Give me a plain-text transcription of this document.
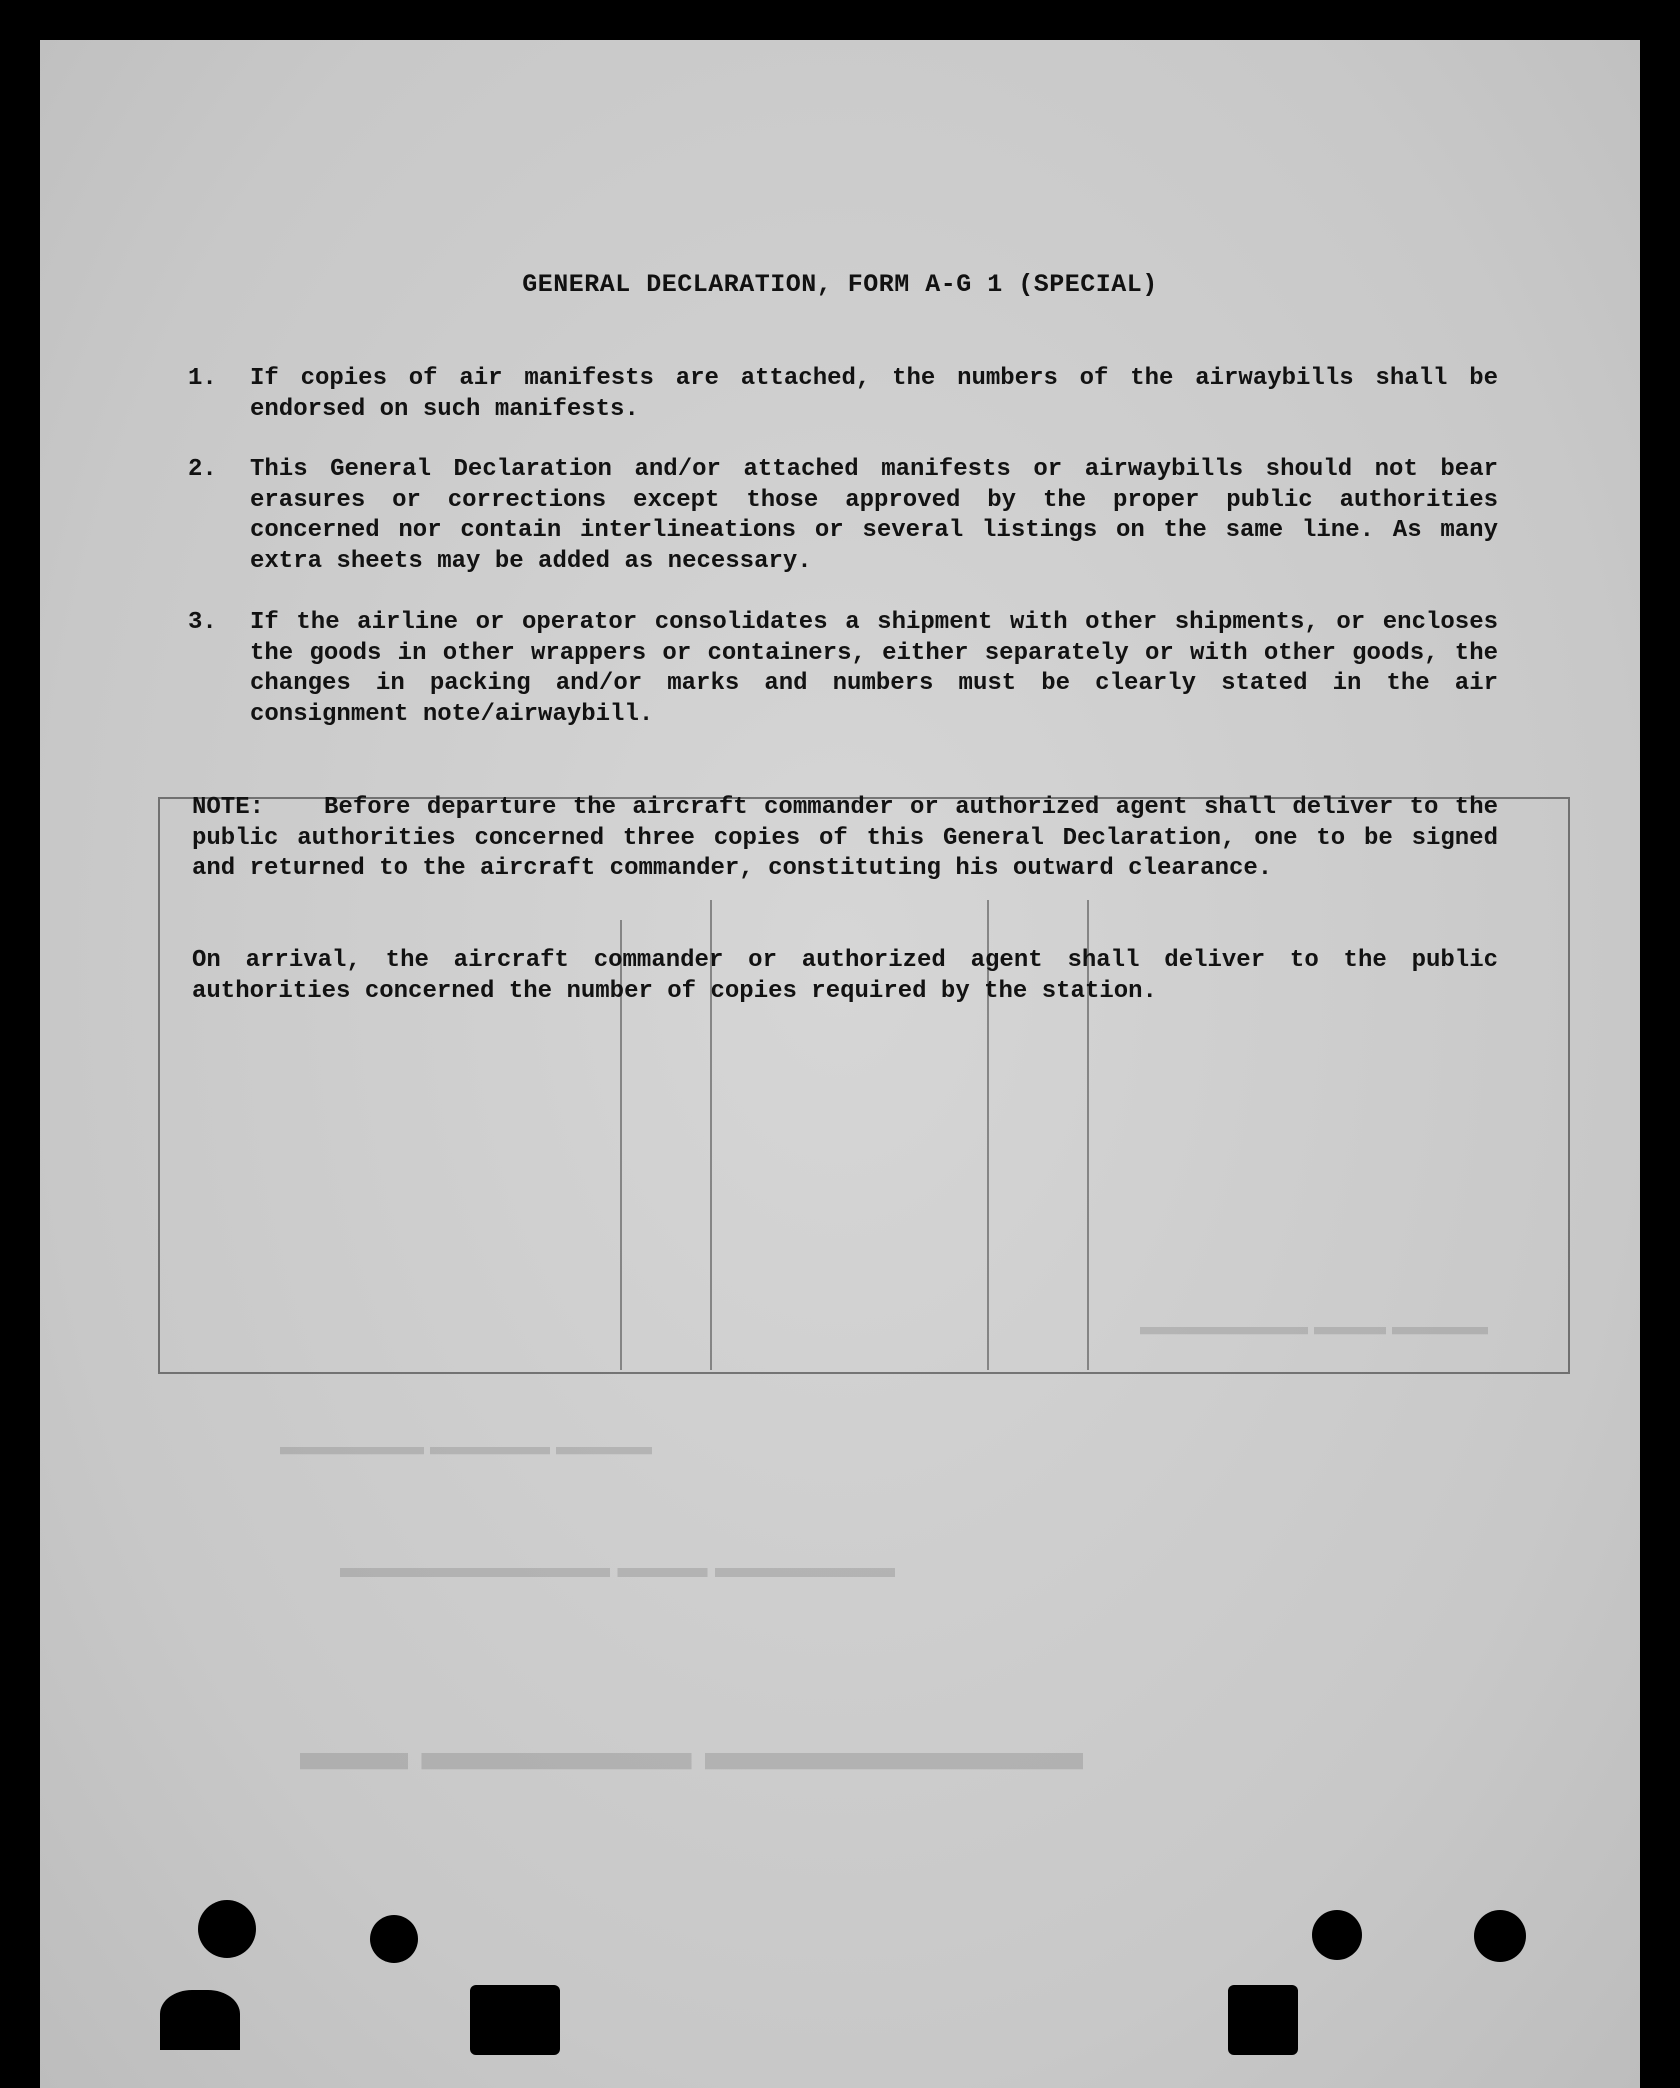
▬▬ ▬▬▬▬▬ ▬▬▬▬▬▬▬
▬▬▬▬▬▬▬▬▬ ▬▬▬ ▬▬▬▬▬▬
▬▬▬▬▬▬ ▬▬▬▬▬ ▬▬▬▬
▬▬▬▬▬▬▬ ▬▬▬ ▬▬▬▬
GENERAL DECLARATION, FORM A-G 1 (SPECIAL)
1.	If copies of air manifests are attached, the numbers of the airwaybills shall be endorsed on such manifests.
2.	This General Declaration and/or attached manifests or airwaybills should not bear erasures or corrections except those approved by the proper public authorities concerned nor contain interlineations or several listings on the same line. As many extra sheets may be added as necessary.
3.	If the airline or operator consolidates a shipment with other shipments, or encloses the goods in other wrappers or containers, either separately or with other goods, the changes in packing and/or marks and numbers must be clearly stated in the air consignment note/airwaybill.
NOTE:	Before departure the aircraft commander or authorized agent shall deliver to the public authorities concerned three copies of this General Declaration, one to be signed and returned to the aircraft commander, constituting his outward clearance.
On arrival, the aircraft commander or authorized agent shall deliver to the public authorities concerned the number of copies required by the station.
